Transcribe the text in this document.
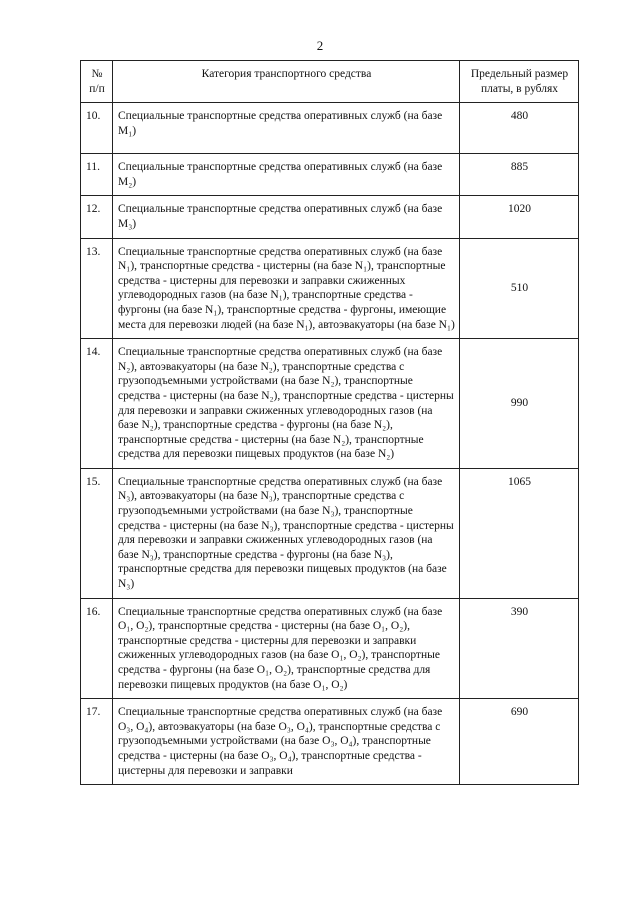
2
№
п/п	Категория транспортного средства	Предельный размер платы, в рублях
10.	Специальные транспортные средства оперативных служб (на базе M₁)	480
11.	Специальные транспортные средства оперативных служб (на базе M₂)	885
12.	Специальные транспортные средства оперативных служб (на базе M₃)	1020
13.	Специальные транспортные средства оперативных служб (на базе N₁), транспортные средства - цистерны (на базе N₁), транспортные средства - цистерны для перевозки и заправки сжиженных углеводородных газов (на базе N₁), транспортные средства - фургоны (на базе N₁), транспортные средства - фургоны, имеющие места для перевозки людей (на базе N₁), автоэвакуаторы (на базе N₁)	510
14.	Специальные транспортные средства оперативных служб (на базе N₂), автоэвакуаторы (на базе N₂), транспортные средства с грузоподъемными устройствами (на базе N₂), транспортные средства - цистерны (на базе N₂), транспортные средства - цистерны для перевозки и заправки сжиженных углеводородных газов (на базе N₂), транспортные средства - фургоны (на базе N₂), транспортные средства - цистерны (на базе N₂), транспортные средства для перевозки пищевых продуктов (на базе N₂)	990
15.	Специальные транспортные средства оперативных служб (на базе N₃), автоэвакуаторы (на базе N₃), транспортные средства с грузоподъемными устройствами (на базе N₃), транспортные средства - цистерны (на базе N₃), транспортные средства - цистерны для перевозки и заправки сжиженных углеводородных газов (на базе N₃), транспортные средства - фургоны (на базе N₃), транспортные средства для перевозки пищевых продуктов (на базе N₃)	1065
16.	Специальные транспортные средства оперативных служб (на базе O₁, O₂), транспортные средства - цистерны (на базе O₁, O₂), транспортные средства - цистерны для перевозки и заправки сжиженных углеводородных газов (на базе O₁, O₂), транспортные средства - фургоны (на базе O₁, O₂), транспортные средства для перевозки пищевых продуктов (на базе O₁, O₂)	390
17.	Специальные транспортные средства оперативных служб (на базе O₃, O₄), автоэвакуаторы (на базе O₃, O₄), транспортные средства с грузоподъемными устройствами (на базе O₃, O₄), транспортные средства - цистерны (на базе O₃, O₄), транспортные средства - цистерны для перевозки и заправки	690
